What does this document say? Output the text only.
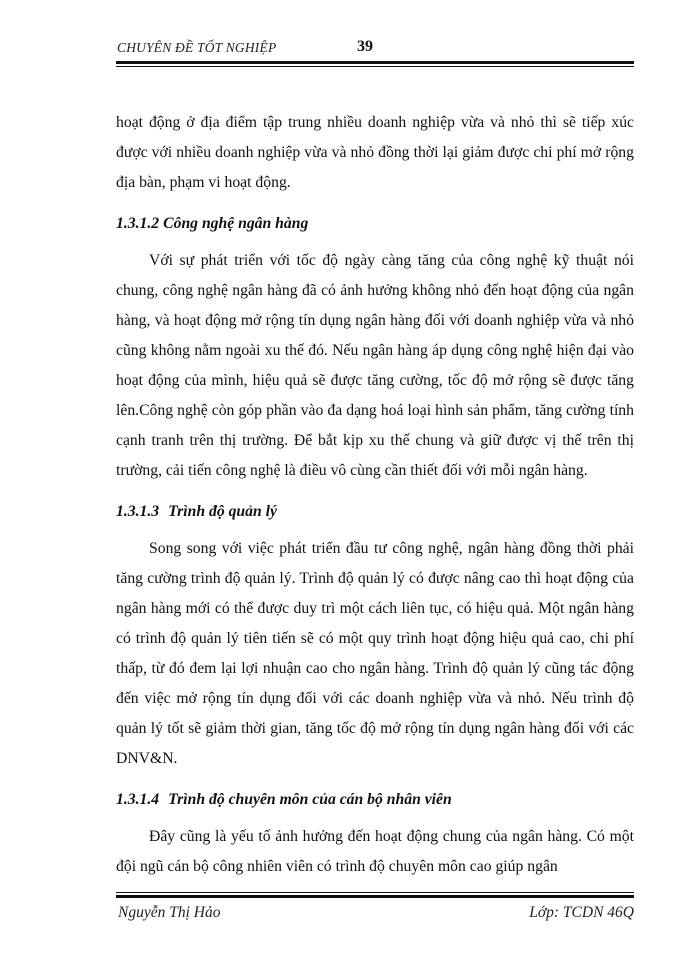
CHUYÊN ĐỀ TỐT NGHIỆP	39

hoạt động ở địa điểm tập trung nhiều doanh nghiệp vừa và nhỏ thì sẽ tiếp xúc được với nhiều doanh nghiệp vừa và nhỏ đồng thời lại giảm được chi phí mở rộng địa bàn, phạm vi hoạt động.

1.3.1.2 Công nghệ ngân hàng

Với sự phát triển với tốc độ ngày càng tăng của công nghệ kỹ thuật nói chung, công nghệ ngân hàng đã có ảnh hưởng không nhỏ đến hoạt động của ngân hàng, và hoạt động mở rộng tín dụng ngân hàng đối với doanh nghiệp vừa và nhỏ cũng không nằm ngoài xu thế đó. Nếu ngân hàng áp dụng công nghệ hiện đại vào hoạt động của mình, hiệu quả sẽ được tăng cường, tốc độ mở rộng sẽ được tăng lên.Công nghệ còn góp phần vào đa dạng hoá loại hình sản phẩm, tăng cường tính cạnh tranh trên thị trường. Để bắt kịp xu thế chung và giữ được vị thế trên thị trường, cải tiến công nghệ là điều vô cùng cần thiết đối với mỗi ngân hàng.

1.3.1.3 Trình độ quản lý

Song song với việc phát triển đầu tư công nghệ, ngân hàng đồng thời phải tăng cường trình độ quản lý. Trình độ quản lý có được nâng cao thì hoạt động của ngân hàng mới có thể được duy trì một cách liên tục, có hiệu quả. Một ngân hàng có trình độ quản lý tiên tiến sẽ có một quy trình hoạt động hiệu quả cao, chi phí thấp, từ đó đem lại lợi nhuận cao cho ngân hàng. Trình độ quản lý cũng tác động đến việc mở rộng tín dụng đối với các doanh nghiệp vừa và nhỏ. Nếu trình độ quản lý tốt sẽ giảm thời gian, tăng tốc độ mở rộng tín dụng ngân hàng đối với các DNV&N.

1.3.1.4 Trình độ chuyên môn của cán bộ nhân viên

Đây cũng là yếu tố ảnh hưởng đến hoạt động chung của ngân hàng. Có một đội ngũ cán bộ công nhiên viên có trình độ chuyên môn cao giúp ngân

Nguyễn Thị Hảo	Lớp: TCDN 46Q
